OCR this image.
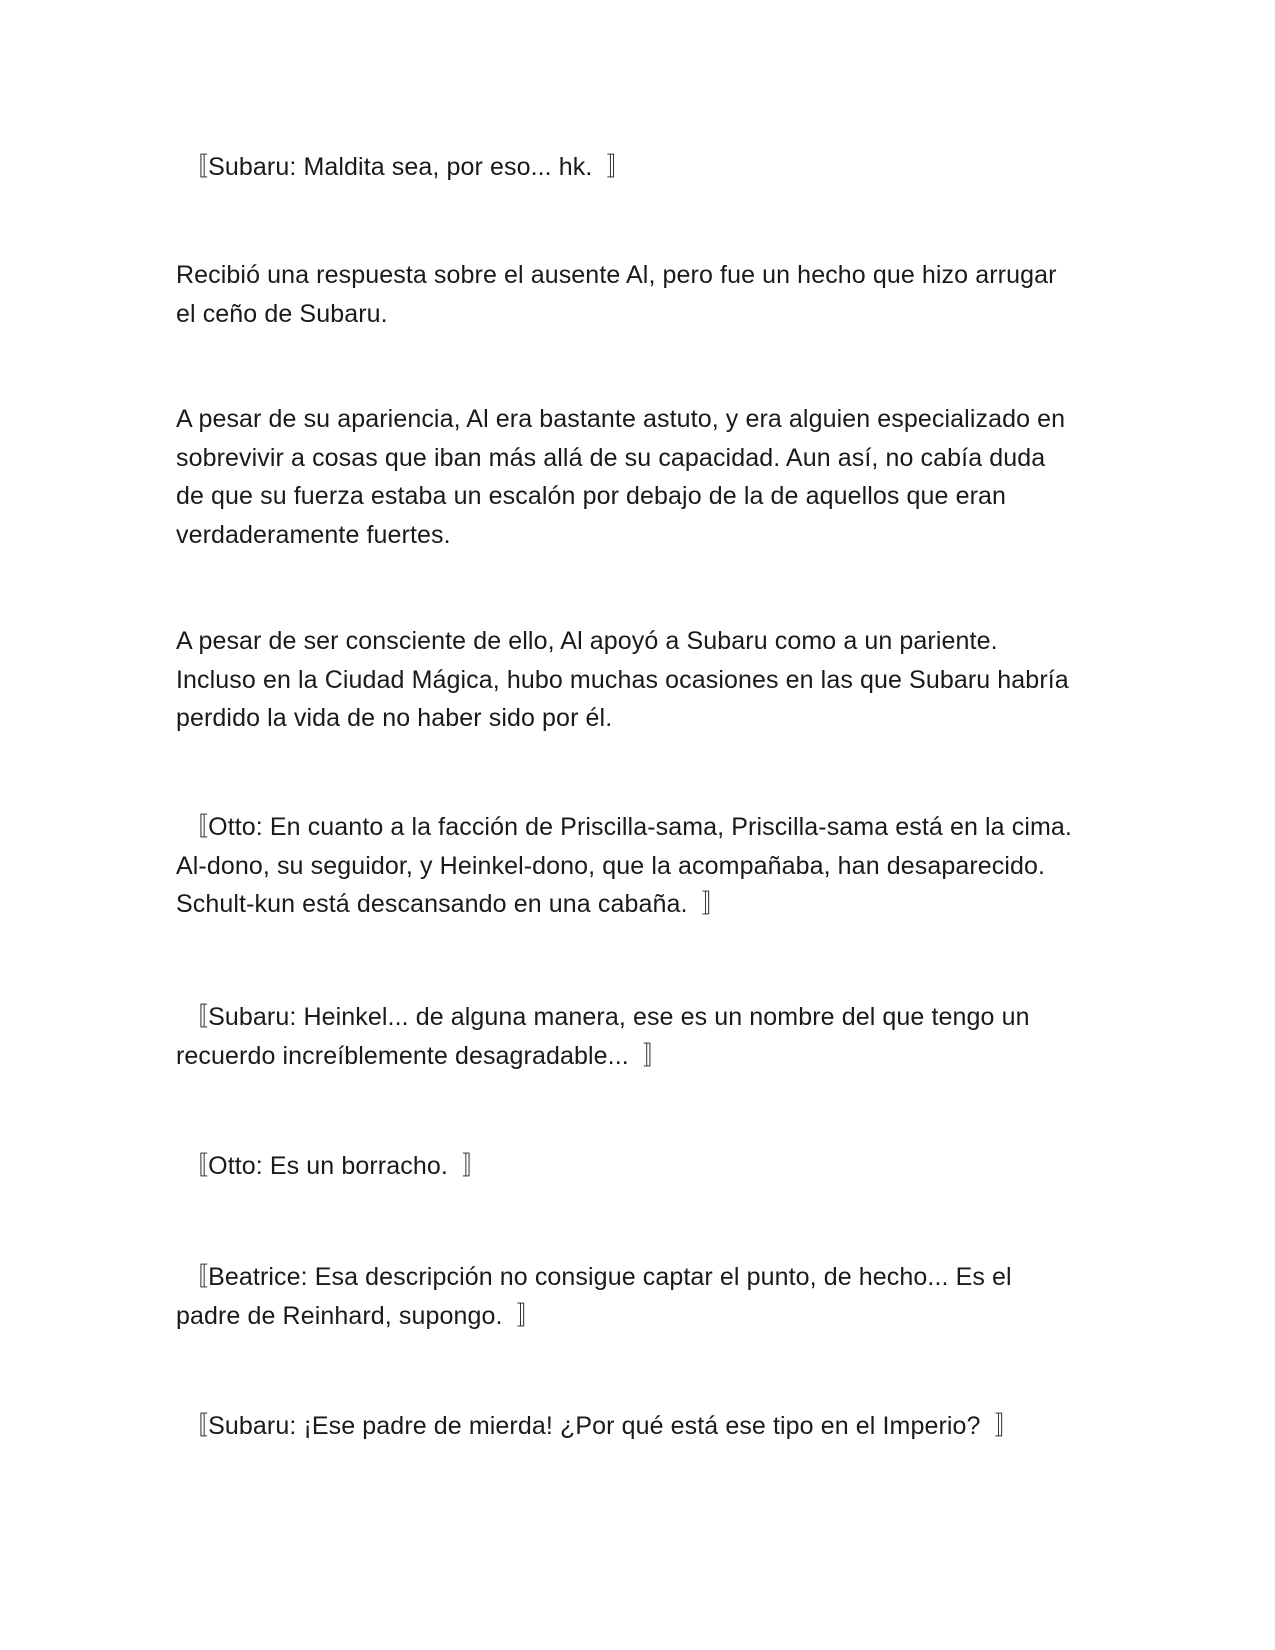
〚Subaru: Maldita sea, por eso... hk.  〛

Recibió una respuesta sobre el ausente Al, pero fue un hecho que hizo arrugar el ceño de Subaru.

A pesar de su apariencia, Al era bastante astuto, y era alguien especializado en sobrevivir a cosas que iban más allá de su capacidad. Aun así, no cabía duda de que su fuerza estaba un escalón por debajo de la de aquellos que eran verdaderamente fuertes.

A pesar de ser consciente de ello, Al apoyó a Subaru como a un pariente. Incluso en la Ciudad Mágica, hubo muchas ocasiones en las que Subaru habría perdido la vida de no haber sido por él.

〚Otto: En cuanto a la facción de Priscilla-sama, Priscilla-sama está en la cima. Al-dono, su seguidor, y Heinkel-dono, que la acompañaba, han desaparecido. Schult-kun está descansando en una cabaña.  〛

〚Subaru: Heinkel... de alguna manera, ese es un nombre del que tengo un recuerdo increíblemente desagradable...  〛

〚Otto: Es un borracho.  〛

〚Beatrice: Esa descripción no consigue captar el punto, de hecho... Es el padre de Reinhard, supongo.  〛

〚Subaru: ¡Ese padre de mierda! ¿Por qué está ese tipo en el Imperio?  〛
